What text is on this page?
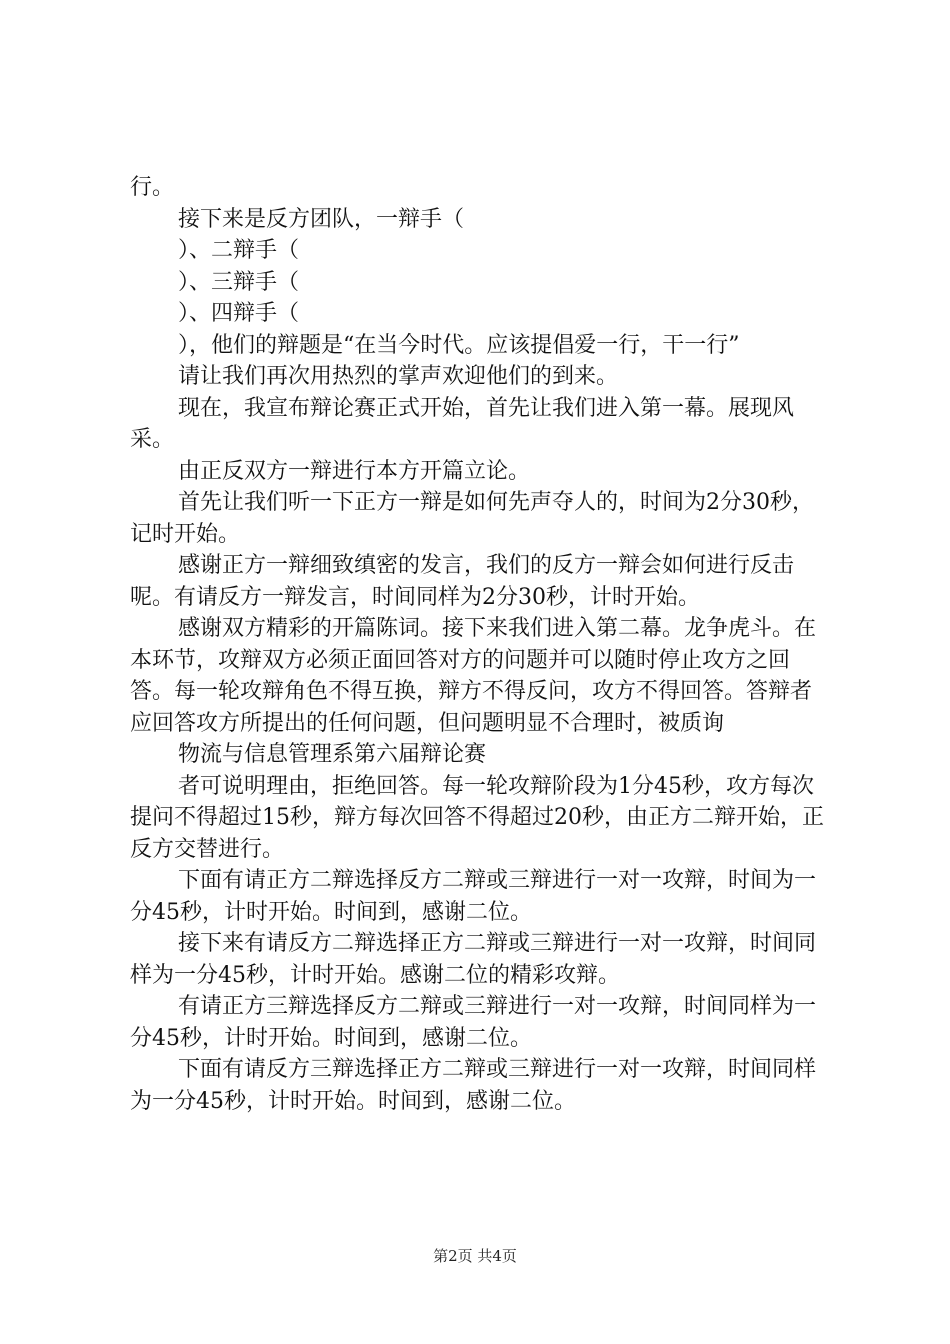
行。

接下来是反方团队，一辩手（

）、二辩手（

）、三辩手（

）、四辩手（

），他们的辩题是“在当今时代。应该提倡爱一行，干一行”

请让我们再次用热烈的掌声欢迎他们的到来。

现在，我宣布辩论赛正式开始，首先让我们进入第一幕。展现风采。

由正反双方一辩进行本方开篇立论。

首先让我们听一下正方一辩是如何先声夺人的，时间为2分30秒，记时开始。

感谢正方一辩细致缜密的发言，我们的反方一辩会如何进行反击呢。有请反方一辩发言，时间同样为2分30秒，计时开始。

感谢双方精彩的开篇陈词。接下来我们进入第二幕。龙争虎斗。在本环节，攻辩双方必须正面回答对方的问题并可以随时停止攻方之回答。每一轮攻辩角色不得互换，辩方不得反问，攻方不得回答。答辩者应回答攻方所提出的任何问题，但问题明显不合理时，被质询

物流与信息管理系第六届辩论赛

者可说明理由，拒绝回答。每一轮攻辩阶段为1分45秒，攻方每次提问不得超过15秒，辩方每次回答不得超过20秒，由正方二辩开始，正反方交替进行。

下面有请正方二辩选择反方二辩或三辩进行一对一攻辩，时间为一分45秒，计时开始。时间到，感谢二位。

接下来有请反方二辩选择正方二辩或三辩进行一对一攻辩，时间同样为一分45秒，计时开始。感谢二位的精彩攻辩。

有请正方三辩选择反方二辩或三辩进行一对一攻辩，时间同样为一分45秒，计时开始。时间到，感谢二位。

下面有请反方三辩选择正方二辩或三辩进行一对一攻辩，时间同样为一分45秒，计时开始。时间到，感谢二位。

第2页 共4页
